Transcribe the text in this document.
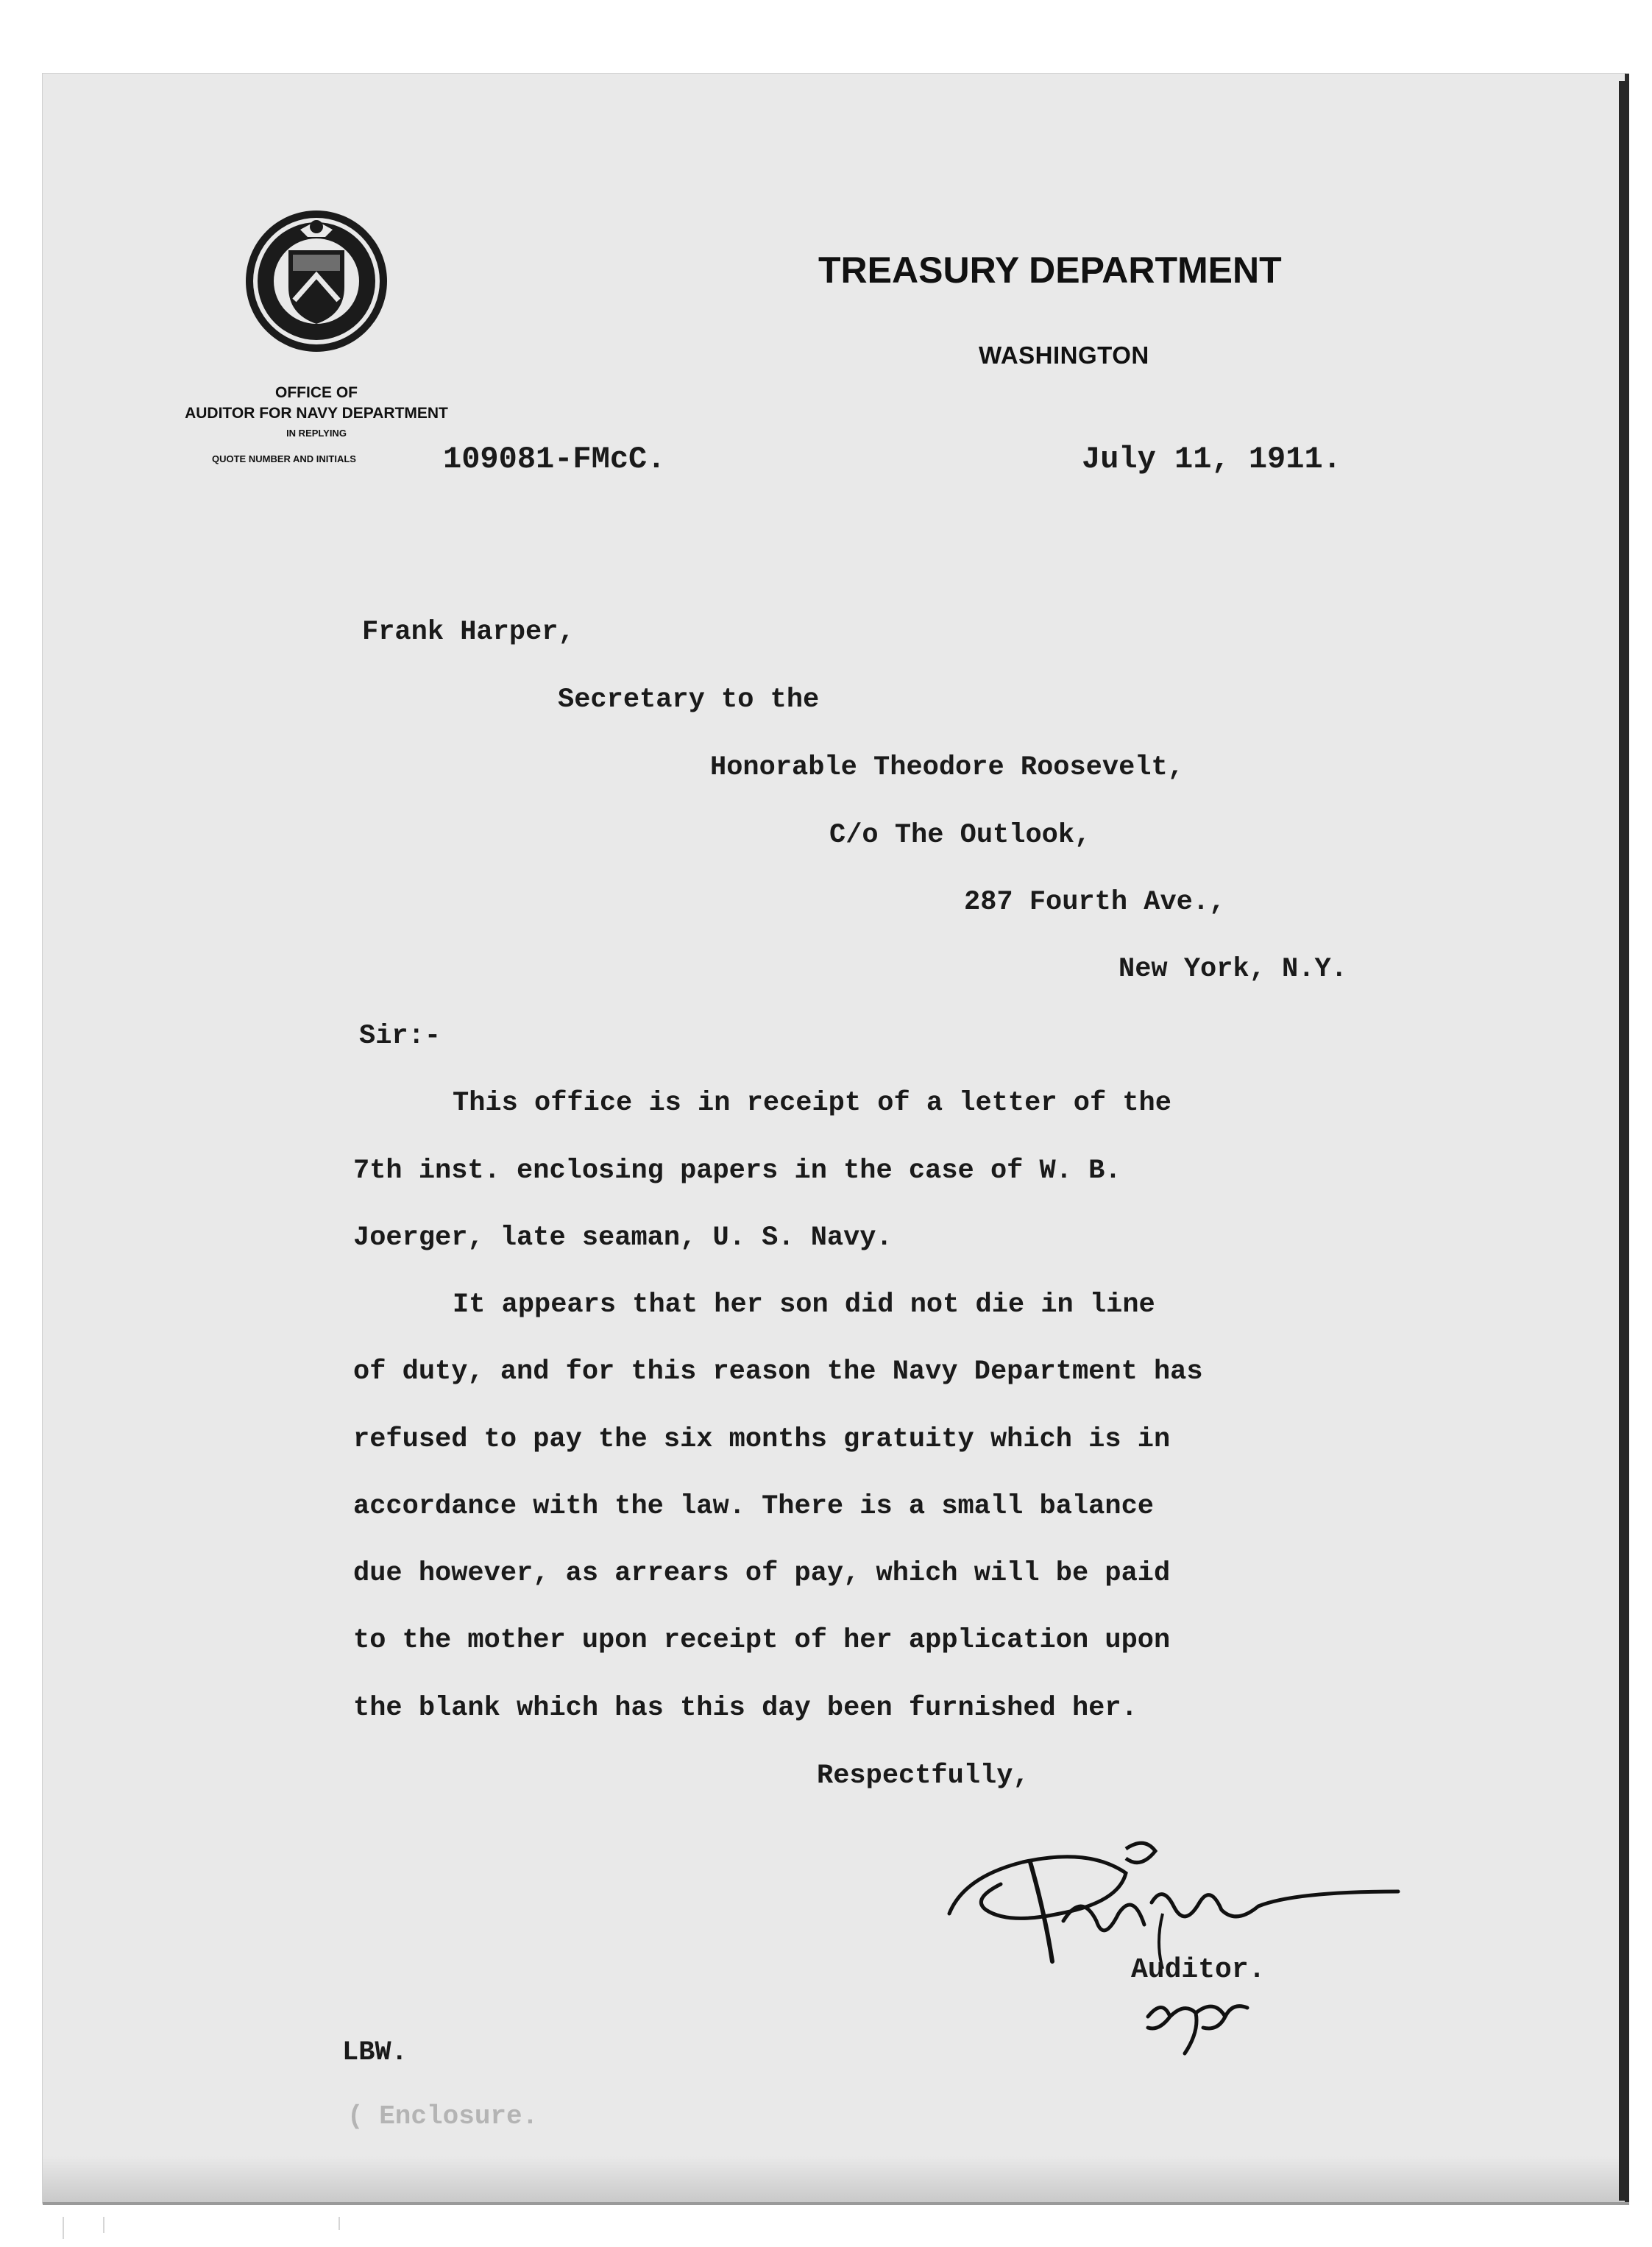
TREASURY DEPARTMENT

WASHINGTON

OFFICE OF
AUDITOR FOR NAVY DEPARTMENT
IN REPLYING

QUOTE NUMBER AND INITIALS	109081-FMcC.	July 11, 1911.

Frank Harper,

Secretary to the

Honorable Theodore Roosevelt,

C/o The Outlook,

287 Fourth Ave.,

New York, N.Y.

Sir:-

This office is in receipt of a letter of the

7th inst. enclosing papers in the case of W. B.

Joerger, late seaman, U. S. Navy.

It appears that her son did not die in line

of duty, and for this reason the Navy Department has

refused to pay the six months gratuity which is in

accordance with the law. There is a small balance

due however, as arrears of pay, which will be paid

to the mother upon receipt of her application upon

the blank which has this day been furnished her.

Respectfully,

Auditor.

LBW.

( Enclosure.
